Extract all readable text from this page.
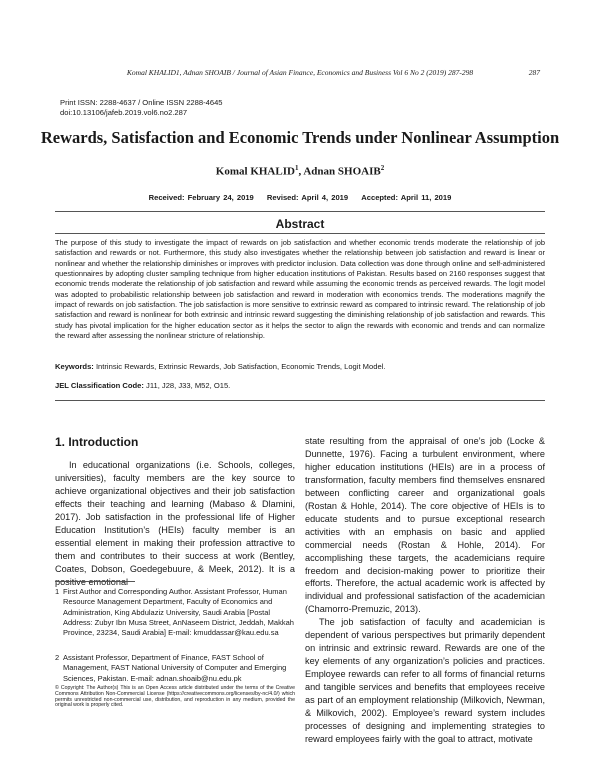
Komal KHALID1, Adnan SHOAIB / Journal of Asian Finance, Economics and Business Vol 6 No 2 (2019) 287-298	287
Print ISSN: 2288-4637 / Online ISSN 2288-4645
doi:10.13106/jafeb.2019.vol6.no2.287
Rewards, Satisfaction and Economic Trends under Nonlinear Assumption
Komal KHALID$^1$, Adnan SHOAIB$^2$
Received: February 24, 2019 Revised: April 4, 2019 Accepted: April 11, 2019
Abstract
The purpose of this study to investigate the impact of rewards on job satisfaction and whether economic trends moderate the relationship of job satisfaction and rewards or not. Furthermore, this study also investigates whether the relationship between job satisfaction and reward is linear or nonlinear and whether the relationship diminishes or improves with predictor inclusion. Data collection was done through online and self-administered questionnaires by adopting cluster sampling technique from higher education institutions of Pakistan. Results based on 2160 responses suggest that economic trends moderate the relationship of job satisfaction and reward while assuming the economic trends as perceived rewards. The logit model was adopted to probabilistic relationship between job satisfaction and reward in moderation with economics trends. The moderations magnify the impact of rewards on job satisfaction. The job satisfaction is more sensitive to extrinsic reward as compared to intrinsic reward. The relationship of job satisfaction and reward is nonlinear for both extrinsic and intrinsic reward suggesting the diminishing relationship of job satisfaction and rewards. This study has pivotal implication for the higher education sector as it helps the sector to align the rewards with economic and trends and can normalize the reward after assessing the nonlinear stricture of relationship.
Keywords: Intrinsic Rewards, Extrinsic Rewards, Job Satisfaction, Economic Trends, Logit Model.
JEL Classification Code: J11, J28, J33, M52, O15.
1. Introduction
In educational organizations (i.e. Schools, colleges, universities), faculty members are the key source to achieve organizational objectives and their job satisfaction effects their teaching and learning (Mabaso & Dlamini, 2017). Job satisfaction in the professional life of Higher Education Institution’s (HEIs) faculty member is an essential element in making their profession attractive to them and contributes to their success at work (Bentley, Coates, Dobson, Goedegebuure, & Meek, 2012). It is a
state resulting from the appraisal of one’s job (Locke & Dunnette, 1976). Facing a turbulent environment, where higher education institutions (HEIs) are in a process of transformation, faculty members find themselves ensnared between conflicting career and organizational goals (Rostan & Hohle, 2014). The core objective of HEIs is to educate students and to pursue exceptional research activities with an emphasis on basic and applied commercial needs (Rostan & Hohle, 2014). For accomplishing these targets, the academicians require freedom and decision-making power to prioritize their efforts. Therefore, the actual academic work is affected by individual and professional satisfaction of the academician (Chamorro-Premuzic, 2013).
The job satisfaction of faculty and academician is dependent of various perspectives but primarily dependent on intrinsic and extrinsic reward. Rewards are one of the key elements of any organization’s policies and practices. Employee rewards can refer to all forms of financial returns and tangible services and benefits that employees receive as part of an employment relationship (Milkovich, Newman, & Milkovich, 2002). Employee’s reward system includes processes of designing and implementing strategies to reward employees fairly with the goal to attract, motivate
1 First Author and Corresponding Author. Assistant Professor, Human Resource Management Department, Faculty of Economics and Administration, King Abdulaziz University, Saudi Arabia [Postal Address: Zubyr Ibn Musa Street, AnNaseem District, Jeddah, Makkah Province, 23234, Saudi Arabia] E-mail: kmuddassar@kau.edu.sa
2 Assistant Professor, Department of Finance, FAST School of Management, FAST National University of Computer and Emerging Sciences, Pakistan. E-mail: adnan.shoaib@nu.edu.pk
© Copyright: The Author(s) This is an Open Access article distributed under the terms of the Creative Commons Attribution Non-Commercial License (https://creativecommons.org/licenses/by-nc/4.0/) which permits unrestricted non-commercial use, distribution, and reproduction in any medium, provided the original work is properly cited.
